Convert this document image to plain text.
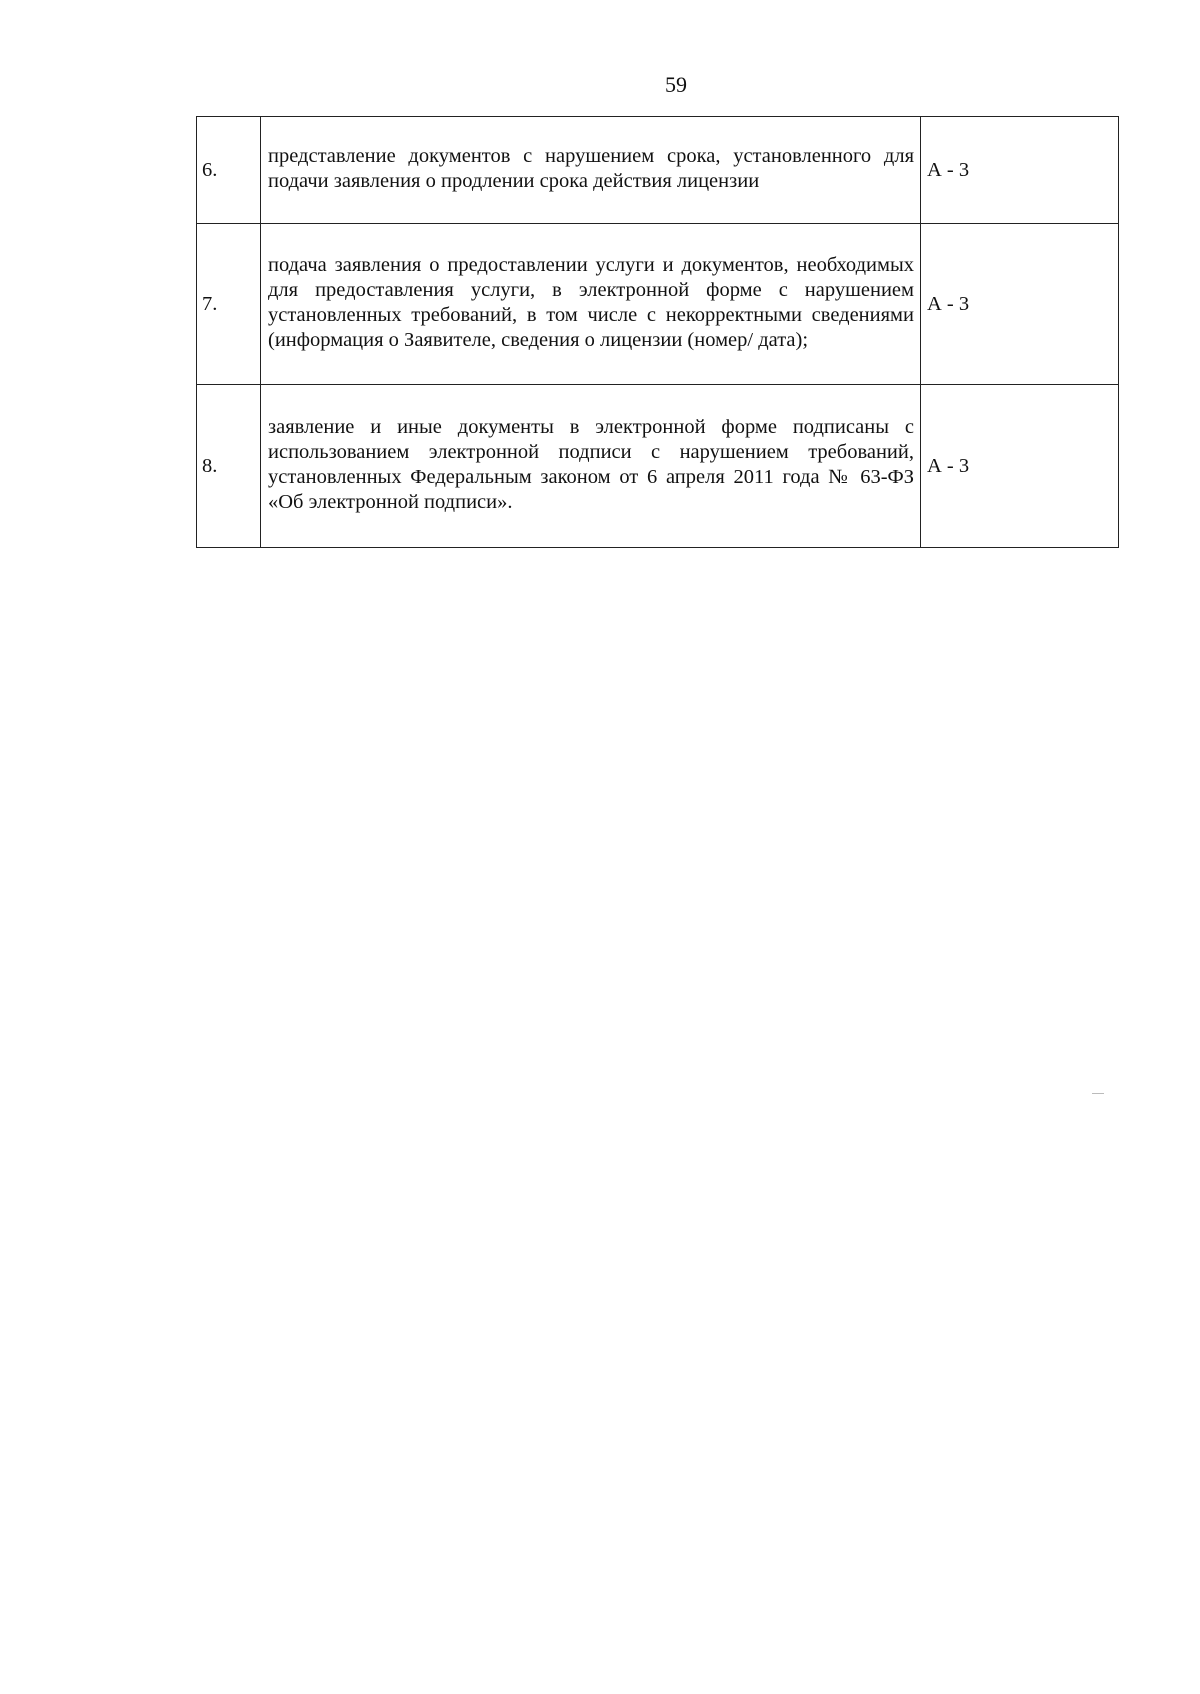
59
6.	представление документов с нарушением срока, установленного для подачи заявления о продлении срока действия лицензии	А - 3
7.	подача заявления о предоставлении услуги и документов, необходимых для предоставления услуги, в электронной форме с нарушением установленных требований, в том числе с некорректными сведениями (информация о Заявителе, сведения о лицензии (номер/ дата);	А - 3
8.	заявление и иные документы в электронной форме подписаны с использованием электронной подписи с нарушением требований, установленных Федеральным законом от 6 апреля 2011 года № 63-ФЗ «Об электронной подписи».	А - 3
